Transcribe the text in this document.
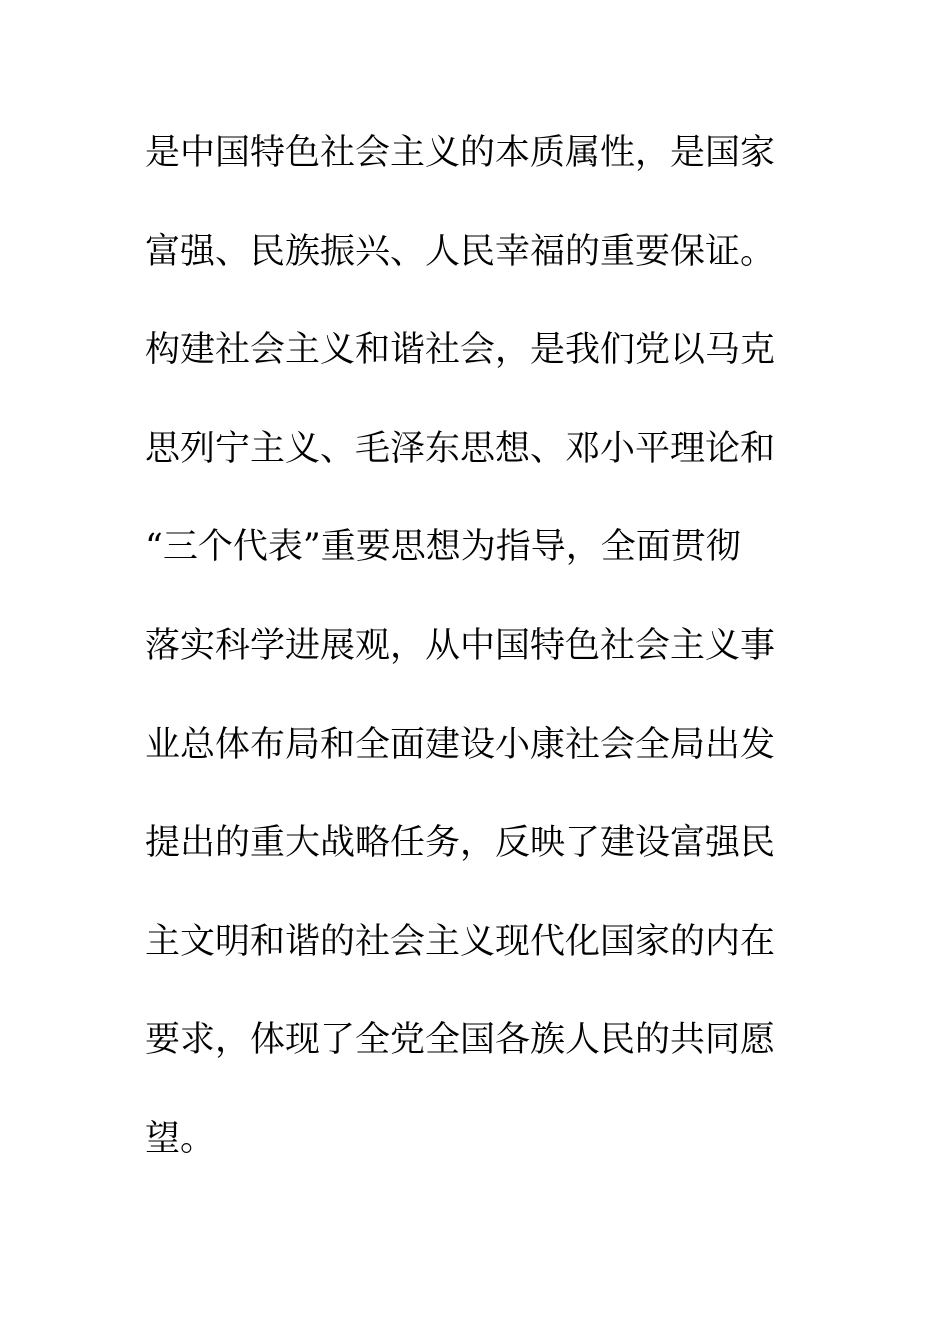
是中国特色社会主义的本质属性，是国家
富强、民族振兴、人民幸福的重要保证。
构建社会主义和谐社会，是我们党以马克
思列宁主义、毛泽东思想、邓小平理论和
“三个代表”重要思想为指导，全面贯彻
落实科学进展观，从中国特色社会主义事
业总体布局和全面建设小康社会全局出发
提出的重大战略任务，反映了建设富强民
主文明和谐的社会主义现代化国家的内在
要求，体现了全党全国各族人民的共同愿
望。
